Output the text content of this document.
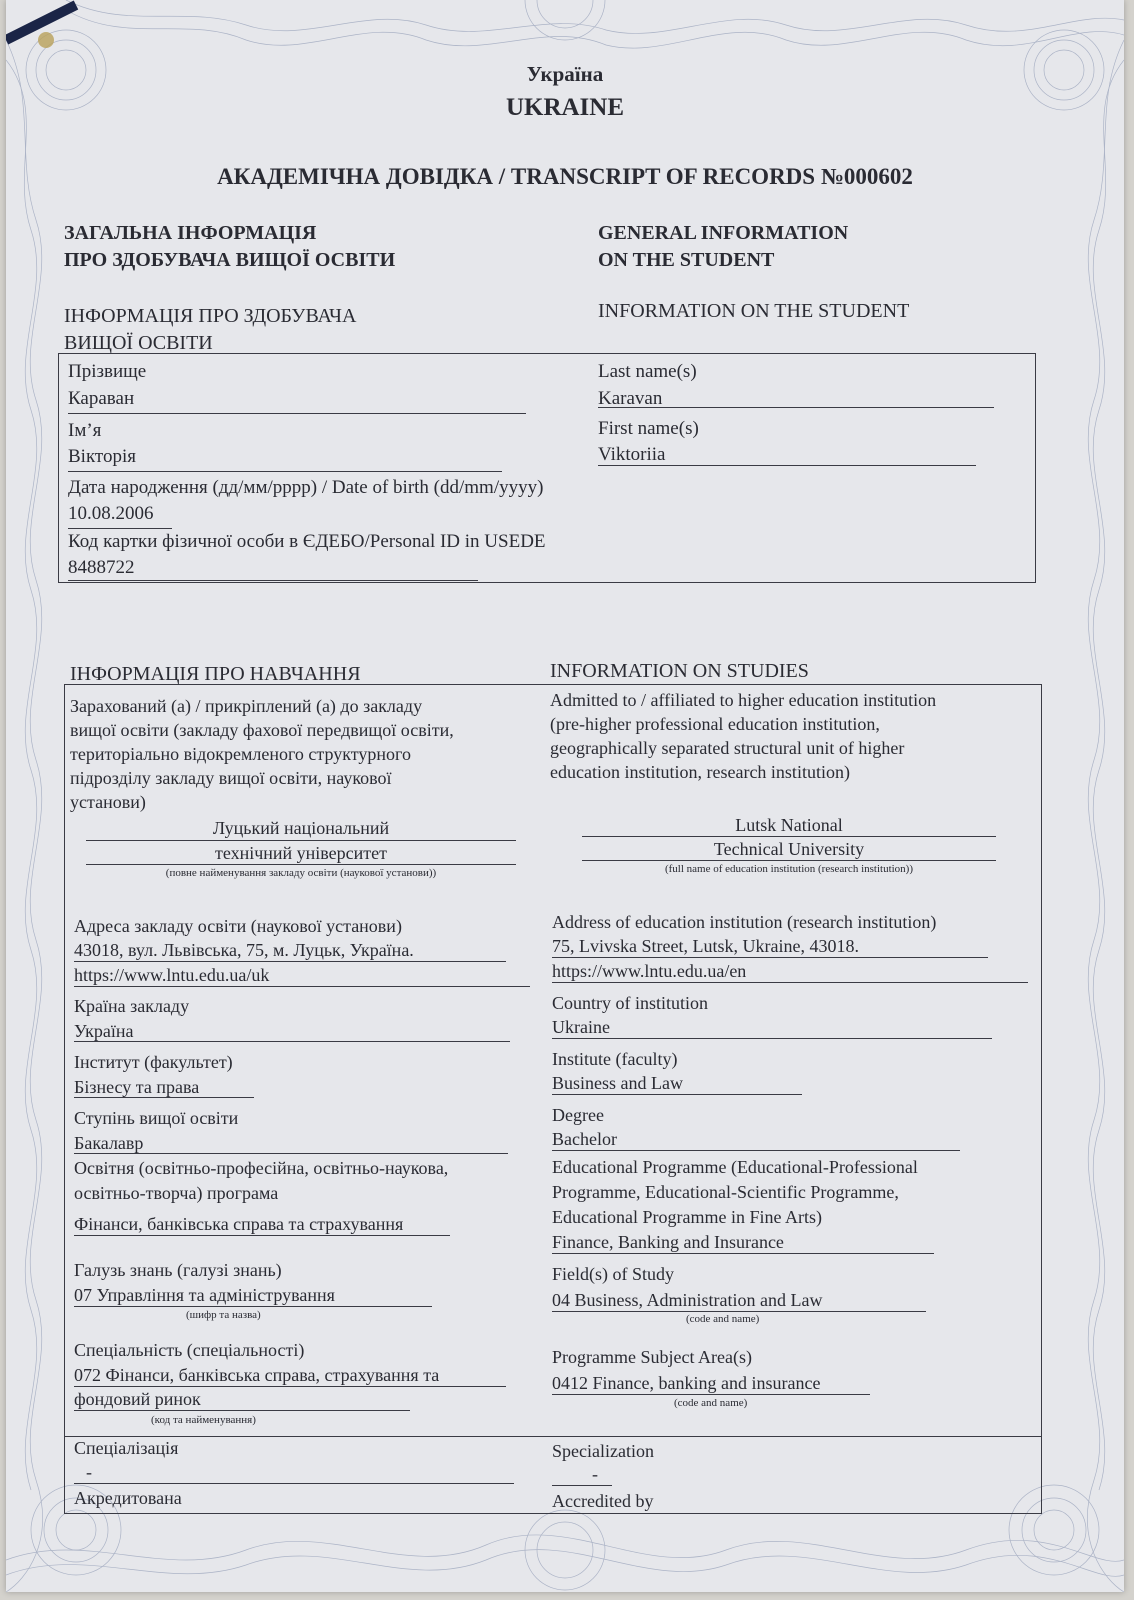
Україна
UKRAINE
АКАДЕМІЧНА ДОВІДКА / TRANSCRIPT OF RECORDS №000602
ЗАГАЛЬНА ІНФОРМАЦІЯ
ПРО ЗДОБУВАЧА ВИЩОЇ ОСВІТИ
GENERAL INFORMATION
ON THE STUDENT
ІНФОРМАЦІЯ ПРО ЗДОБУВАЧА
ВИЩОЇ ОСВІТИ
INFORMATION ON THE STUDENT
Прізвище
Караван
Last name(s)
Karavan
Ім’я
Вікторія
First name(s)
Viktoriia
Дата народження (дд/мм/рррр) / Date of birth (dd/mm/yyyy)
10.08.2006
Код картки фізичної особи в ЄДЕБО/Personal ID in USEDE
8488722
ІНФОРМАЦІЯ ПРО НАВЧАННЯ	INFORMATION ON STUDIES
Зарахований (а) / прикріплений (а) до закладу
вищої освіти (закладу фахової передвищої освіти,
територіально відокремленого структурного
підрозділу закладу вищої освіти, наукової
установи)
Admitted to / affiliated to higher education institution
(pre-higher professional education institution,
geographically separated structural unit of higher
education institution, research institution)
Луцький національний
технічний університет
(повне найменування закладу освіти (наукової установи))
Lutsk National
Technical University
(full name of education institution (research institution))
Адреса закладу освіти (наукової установи)
43018, вул. Львівська, 75, м. Луцьк, Україна.
https://www.lntu.edu.ua/uk
Address of education institution (research institution)
75, Lvivska Street, Lutsk, Ukraine, 43018.
https://www.lntu.edu.ua/en
Країна закладу
Україна
Country of institution
Ukraine
Інститут (факультет)
Бізнесу та права
Institute (faculty)
Business and Law
Ступінь вищої освіти
Бакалавр
Degree
Bachelor
Освітня (освітньо-професійна, освітньо-наукова,
освітньо-творча) програма
Фінанси, банківська справа та страхування
Educational Programme (Educational-Professional
Programme, Educational-Scientific Programme,
Educational Programme in Fine Arts)
Finance, Banking and Insurance
Галузь знань (галузі знань)
07 Управління та адміністрування
(шифр та назва)
Field(s) of Study
04 Business, Administration and Law
(code and name)
Спеціальність (спеціальності)
072 Фінанси, банківська справа, страхування та
фондовий ринок
(код та найменування)
Programme Subject Area(s)
0412 Finance, banking and insurance
(code and name)
Спеціалізація
-
Specialization
-
Акредитована	Accredited by
